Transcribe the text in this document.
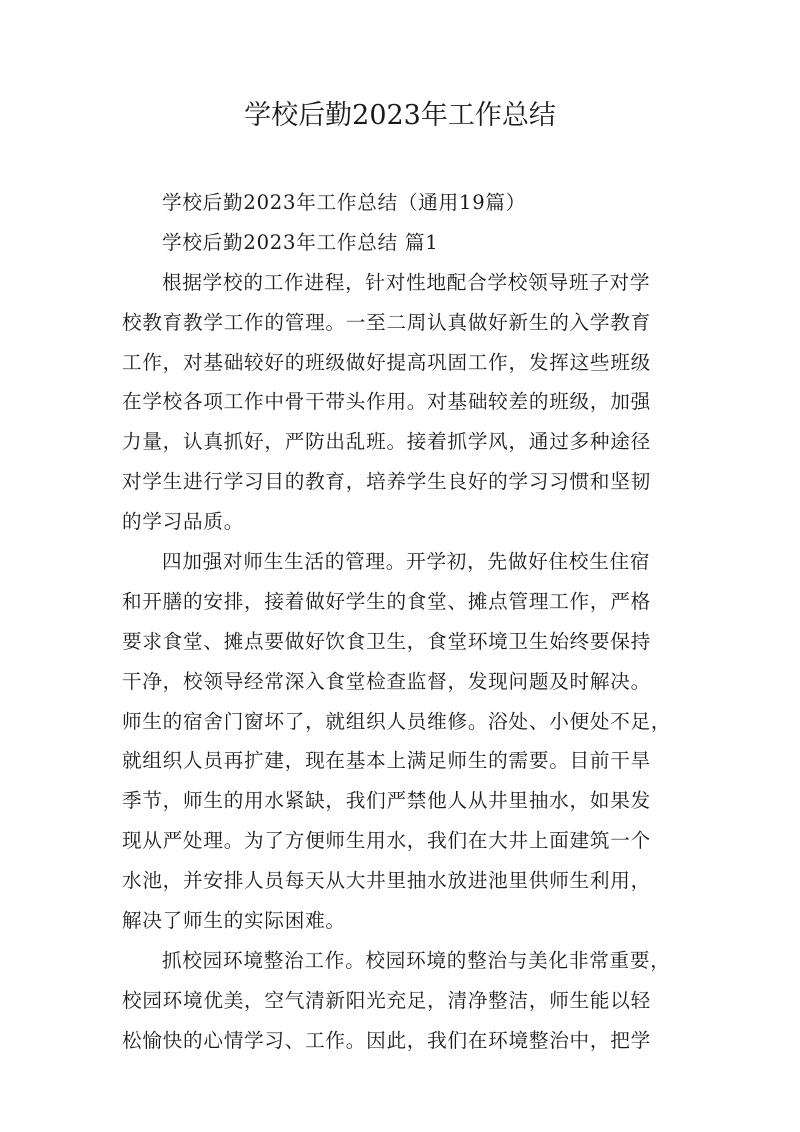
学校后勤2023年工作总结
学校后勤2023年工作总结（通用19篇）
学校后勤2023年工作总结 篇1
根据学校的工作进程，针对性地配合学校领导班子对学
校教育教学工作的管理。一至二周认真做好新生的入学教育
工作，对基础较好的班级做好提高巩固工作，发挥这些班级
在学校各项工作中骨干带头作用。对基础较差的班级，加强
力量，认真抓好，严防出乱班。接着抓学风，通过多种途径
对学生进行学习目的教育，培养学生良好的学习习惯和坚韧
的学习品质。
四加强对师生生活的管理。开学初，先做好住校生住宿
和开膳的安排，接着做好学生的食堂、摊点管理工作，严格
要求食堂、摊点要做好饮食卫生，食堂环境卫生始终要保持
干净，校领导经常深入食堂检查监督，发现问题及时解决。
师生的宿舍门窗坏了，就组织人员维修。浴处、小便处不足，
就组织人员再扩建，现在基本上满足师生的需要。目前干旱
季节，师生的用水紧缺，我们严禁他人从井里抽水，如果发
现从严处理。为了方便师生用水，我们在大井上面建筑一个
水池，并安排人员每天从大井里抽水放进池里供师生利用，
解决了师生的实际困难。
抓校园环境整治工作。校园环境的整治与美化非常重要，
校园环境优美，空气清新阳光充足，清净整洁，师生能以轻
松愉快的心情学习、工作。因此，我们在环境整治中，把学
